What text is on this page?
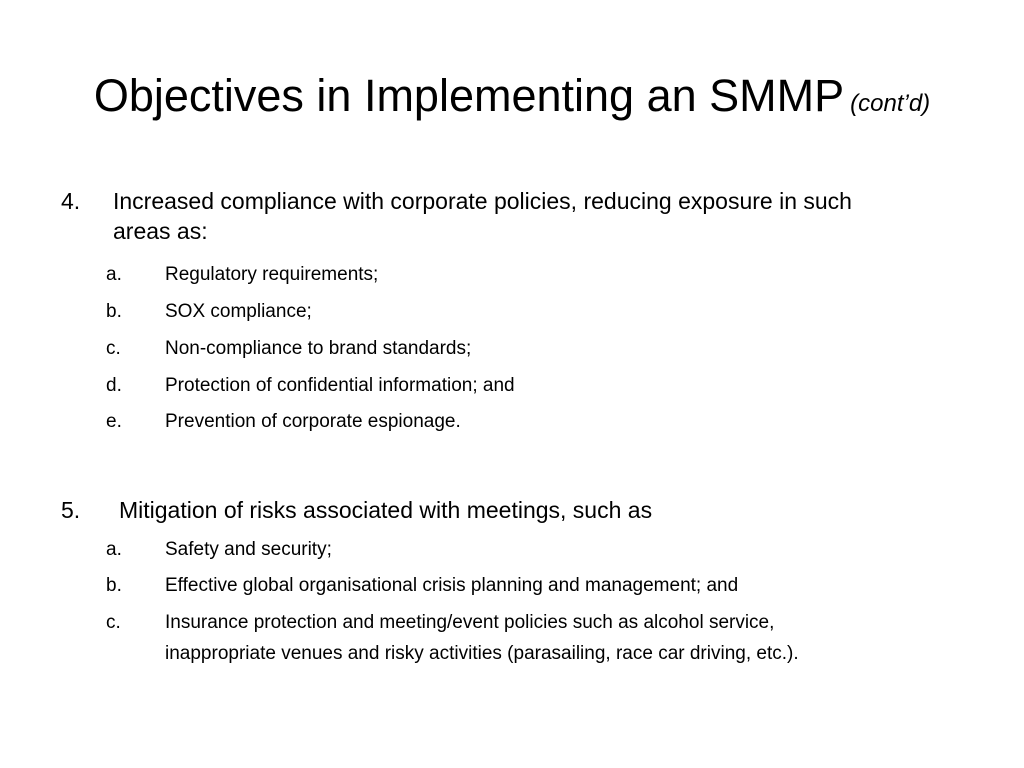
Objectives in Implementing an SMMP (cont’d)
4.	Increased compliance with corporate policies, reducing exposure in such
areas as:
a.	Regulatory requirements;
b.	SOX compliance;
c.	Non-compliance to brand standards;
d.	Protection of confidential information; and
e.	Prevention of corporate espionage.
5.	Mitigation of risks associated with meetings, such as
a.	Safety and security;
b.	Effective global organisational crisis planning and management; and
c.	Insurance protection and meeting/event policies such as alcohol service,
inappropriate venues and risky activities (parasailing, race car driving, etc.).
